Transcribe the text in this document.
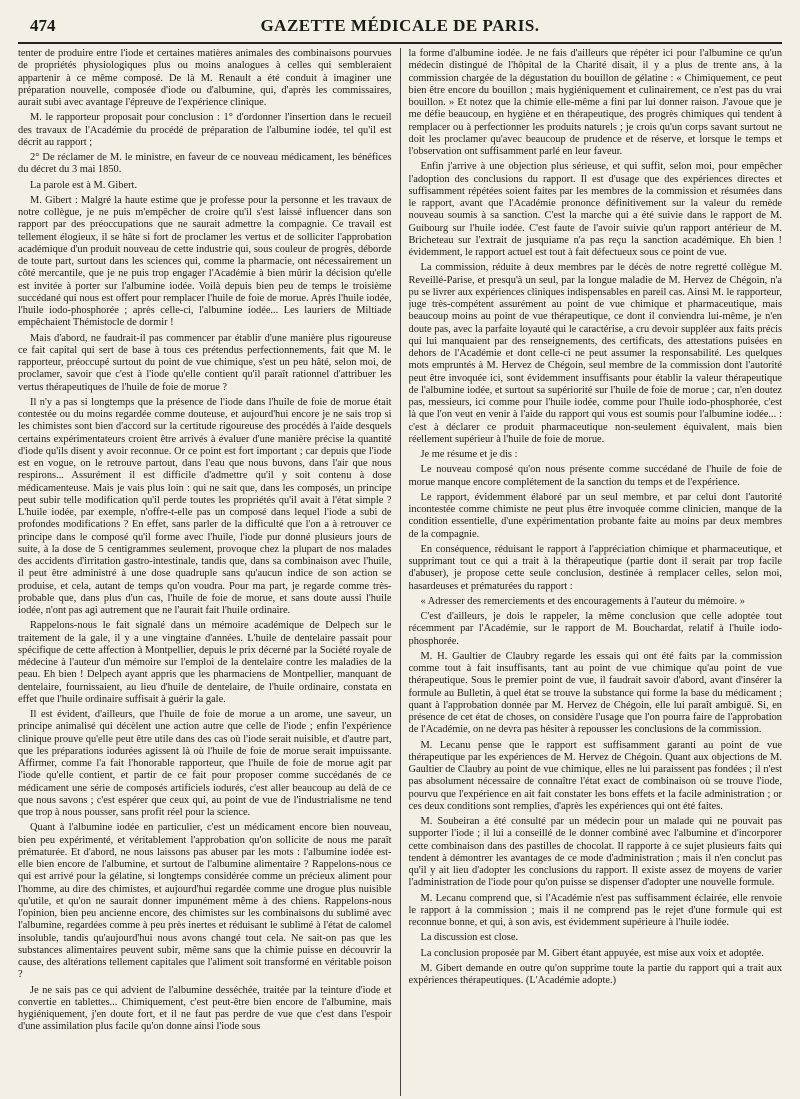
474	GAZETTE MÉDICALE DE PARIS.

tenter de produire entre l'iode et certaines matières animales des combinaisons pourvues de propriétés physiologiques plus ou moins analogues à celles qui sembleraient appartenir à ce même composé. De là M. Renault a été conduit à imaginer une préparation nouvelle, composée d'iode ou d'albumine, qui, d'après les commissaires, aurait subi avec avantage l'épreuve de l'expérience clinique.

M. le rapporteur proposait pour conclusion : 1° d'ordonner l'insertion dans le recueil des travaux de l'Académie du procédé de préparation de l'albumine iodée, tel qu'il est décrit au rapport ;

2° De réclamer de M. le ministre, en faveur de ce nouveau médicament, les bénéfices du décret du 3 mai 1850.

La parole est à M. Gibert.

M. Gibert : Malgré la haute estime que je professe pour la personne et les travaux de notre collègue, je ne puis m'empêcher de croire qu'il s'est laissé influencer dans son rapport par des préoccupations que ne saurait admettre la compagnie. Ce travail est tellement élogieux, il se hâte si fort de proclamer les vertus et de solliciter l'approbation académique d'un produit nouveau de cette industrie qui, sous couleur de progrès, déborde de toute part, surtout dans les sciences qui, comme la pharmacie, ont nécessairement un côté mercantile, que je ne puis trop engager l'Académie à bien mûrir la décision qu'elle est invitée à porter sur l'albumine iodée. Voilà depuis bien peu de temps le troisième succédané qui nous est offert pour remplacer l'huile de foie de morue. Après l'huile iodée, l'huile iodo-phosphorée ; après celle-ci, l'albumine iodée... Les lauriers de Miltiade empêchaient Thémistocle de dormir !

Mais d'abord, ne faudrait-il pas commencer par établir d'une manière plus rigoureuse ce fait capital qui sert de base à tous ces prétendus perfectionnements, fait que M. le rapporteur, préoccupé surtout du point de vue chimique, s'est un peu hâté, selon moi, de proclamer, savoir que c'est à l'iode qu'elle contient qu'il paraît rationnel d'attribuer les vertus thérapeutiques de l'huile de foie de morue ?

Il n'y a pas si longtemps que la présence de l'iode dans l'huile de foie de morue était contestée ou du moins regardée comme douteuse, et aujourd'hui encore je ne sais trop si les chimistes sont bien d'accord sur la certitude rigoureuse des procédés à l'aide desquels certains expérimentateurs croient être arrivés à évaluer d'une manière précise la quantité d'iode qu'ils disent y avoir reconnue. Or ce point est fort important ; car depuis que l'iode est en vogue, on le retrouve partout, dans l'eau que nous buvons, dans l'air que nous respirons... Assurément il est difficile d'admettre qu'il y soit contenu à dose médicamenteuse. Mais je vais plus loin : qui ne sait que, dans les composés, un principe peut subir telle modification qu'il perde toutes les propriétés qu'il avait à l'état simple ? L'huile iodée, par exemple, n'offre-t-elle pas un composé dans lequel l'iode a subi de profondes modifications ? En effet, sans parler de la difficulté que l'on a à retrouver ce principe dans le composé qu'il forme avec l'huile, l'iode pur donné plusieurs jours de suite, à la dose de 5 centigrammes seulement, provoque chez la plupart de nos malades des accidents d'irritation gastro-intestinale, tandis que, dans sa combinaison avec l'huile, il peut être administré à une dose quadruple sans qu'aucun indice de son action se produise, et cela, autant de temps qu'on voudra. Pour ma part, je regarde comme très-probable que, dans plus d'un cas, l'huile de foie de morue, et sans doute aussi l'huile iodée, n'ont pas agi autrement que ne l'aurait fait l'huile ordinaire.

Rappelons-nous le fait signalé dans un mémoire académique de Delpech sur le traitement de la gale, il y a une vingtaine d'années. L'huile de dentelaire passait pour spécifique de cette affection à Montpellier, depuis le prix décerné par la Société royale de médecine à l'auteur d'un mémoire sur l'emploi de la dentelaire contre les maladies de la peau. Eh bien ! Delpech ayant appris que les pharmaciens de Montpellier, manquant de dentelaire, fournissaient, au lieu d'huile de dentelaire, de l'huile ordinaire, constata en effet que l'huile ordinaire suffisait à guérir la gale.

Il est évident, d'ailleurs, que l'huile de foie de morue a un arome, une saveur, un principe animalisé qui décèlent une action autre que celle de l'iode ; enfin l'expérience clinique prouve qu'elle peut être utile dans des cas où l'iode serait nuisible, et d'autre part, que les préparations iodurées agissent là où l'huile de foie de morue serait impuissante. Affirmer, comme l'a fait l'honorable rapporteur, que l'huile de foie de morue agit par l'iode qu'elle contient, et partir de ce fait pour proposer comme succédanés de ce médicament une série de composés artificiels iodurés, c'est aller beaucoup au delà de ce que nous savons ; c'est espérer que ceux qui, au point de vue de l'industrialisme ne tend que trop à nous pousser, sans profit réel pour la science.

Quant à l'albumine iodée en particulier, c'est un médicament encore bien nouveau, bien peu expérimenté, et véritablement l'approbation qu'on sollicite de nous me paraît prématurée. Et d'abord, ne nous laissons pas abuser par les mots : l'albumine iodée est-elle bien encore de l'albumine, et surtout de l'albumine alimentaire ? Rappelons-nous ce qui est arrivé pour la gélatine, si longtemps considérée comme un précieux aliment pour l'homme, au dire des chimistes, et aujourd'hui regardée comme une drogue plus nuisible qu'utile, et qu'on ne saurait donner impunément même à des chiens. Rappelons-nous l'opinion, bien peu ancienne encore, des chimistes sur les combinaisons du sublimé avec l'albumine, regardées comme à peu près inertes et réduisant le sublimé à l'état de calomel insoluble, tandis qu'aujourd'hui nous avons changé tout cela. Ne sait-on pas que les substances alimentaires peuvent subir, même sans que la chimie puisse en découvrir la cause, des altérations tellement capitales que l'aliment soit transformé en véritable poison ?

Je ne sais pas ce qui advient de l'albumine desséchée, traitée par la teinture d'iode et convertie en tablettes... Chimiquement, c'est peut-être bien encore de l'albumine, mais hygiéniquement, j'en doute fort, et il ne faut pas perdre de vue que c'est dans l'espoir d'une assimilation plus facile qu'on donne ainsi l'iode sous

la forme d'albumine iodée. Je ne fais d'ailleurs que répéter ici pour l'albumine ce qu'un médecin distingué de l'hôpital de la Charité disait, il y a plus de trente ans, à la commission chargée de la dégustation du bouillon de gélatine : « Chimiquement, ce peut bien être encore du bouillon ; mais hygiéniquement et culinairement, ce n'est pas du vrai bouillon. » Et notez que la chimie elle-même a fini par lui donner raison. J'avoue que je me défie beaucoup, en hygiène et en thérapeutique, des progrès chimiques qui tendent à remplacer ou à perfectionner les produits naturels ; je crois qu'un corps savant surtout ne doit les proclamer qu'avec beaucoup de prudence et de réserve, et lorsque le temps et l'observation ont suffisamment parlé en leur faveur.

Enfin j'arrive à une objection plus sérieuse, et qui suffit, selon moi, pour empêcher l'adoption des conclusions du rapport. Il est d'usage que des expériences directes et suffisamment répétées soient faites par les membres de la commission et résumées dans le rapport, avant que l'Académie prononce définitivement sur la valeur du remède nouveau soumis à sa sanction. C'est la marche qui a été suivie dans le rapport de M. Guibourg sur l'huile iodée. C'est faute de l'avoir suivie qu'un rapport antérieur de M. Bricheteau sur l'extrait de jusquiame n'a pas reçu la sanction académique. Eh bien ! évidemment, le rapport actuel est tout à fait défectueux sous ce point de vue.

La commission, réduite à deux membres par le décès de notre regretté collègue M. Reveillé-Parise, et presqu'à un seul, par la longue maladie de M. Hervez de Chégoin, n'a pu se livrer aux expériences cliniques indispensables en pareil cas. Ainsi M. le rapporteur, juge très-compétent assurément au point de vue chimique et pharmaceutique, mais beaucoup moins au point de vue thérapeutique, ce dont il conviendra lui-même, je n'en doute pas, avec la parfaite loyauté qui le caractérise, a cru devoir suppléer aux faits précis qui lui manquaient par des renseignements, des certificats, des attestations puisées en dehors de l'Académie et dont celle-ci ne peut assumer la responsabilité. Les quelques mots empruntés à M. Hervez de Chégoin, seul membre de la commission dont l'autorité peut être invoquée ici, sont évidemment insuffisants pour établir la valeur thérapeutique de l'albumine iodée, et surtout sa supériorité sur l'huile de foie de morue ; car, n'en doutez pas, messieurs, ici comme pour l'huile iodée, comme pour l'huile iodo-phosphorée, c'est là que l'on veut en venir à l'aide du rapport qui vous est soumis pour l'albumine iodée... : c'est à déclarer ce produit pharmaceutique non-seulement équivalent, mais bien réellement supérieur à l'huile de foie de morue.

Je me résume et je dis :

Le nouveau composé qu'on nous présente comme succédané de l'huile de foie de morue manque encore complétement de la sanction du temps et de l'expérience.

Le rapport, évidemment élaboré par un seul membre, et par celui dont l'autorité incontestée comme chimiste ne peut plus être invoquée comme clinicien, manque de la condition essentielle, d'une expérimentation probante faite au moins par deux membres de la compagnie.

En conséquence, réduisant le rapport à l'appréciation chimique et pharmaceutique, et supprimant tout ce qui a trait à la thérapeutique (partie dont il serait par trop facile d'abuser), je propose cette seule conclusion, destinée à remplacer celles, selon moi, hasardeuses et prématurées du rapport :

« Adresser des remerciements et des encouragements à l'auteur du mémoire. »

C'est d'ailleurs, je dois le rappeler, la même conclusion que celle adoptée tout récemment par l'Académie, sur le rapport de M. Bouchardat, relatif à l'huile iodo-phosphorée.

M. H. Gaultier de Claubry regarde les essais qui ont été faits par la commission comme tout à fait insuffisants, tant au point de vue chimique qu'au point de vue thérapeutique. Sous le premier point de vue, il faudrait savoir d'abord, avant d'insérer la formule au Bulletin, à quel état se trouve la substance qui forme la base du médicament ; quant à l'approbation donnée par M. Hervez de Chégoin, elle lui paraît ambiguë. Si, en présence de cet état de choses, on considère l'usage que l'on pourra faire de l'approbation de l'Académie, on ne devra pas hésiter à repousser les conclusions de la commission.

M. Lecanu pense que le rapport est suffisamment garanti au point de vue thérapeutique par les expériences de M. Hervez de Chégoin. Quant aux objections de M. Gaultier de Claubry au point de vue chimique, elles ne lui paraissent pas fondées ; il n'est pas absolument nécessaire de connaître l'état exact de combinaison où se trouve l'iode, pourvu que l'expérience en ait fait constater les bons effets et la facile administration ; or ces deux conditions sont remplies, d'après les expériences qui ont été faites.

M. Soubeiran a été consulté par un médecin pour un malade qui ne pouvait pas supporter l'iode ; il lui a conseillé de le donner combiné avec l'albumine et d'incorporer cette combinaison dans des pastilles de chocolat. Il rapporte à ce sujet plusieurs faits qui tendent à démontrer les avantages de ce mode d'administration ; mais il n'en conclut pas qu'il y ait lieu d'adopter les conclusions du rapport. Il existe assez de moyens de varier l'administration de l'iode pour qu'on puisse se dispenser d'adopter une nouvelle formule.

M. Lecanu comprend que, si l'Académie n'est pas suffisamment éclairée, elle renvoie le rapport à la commission ; mais il ne comprend pas le rejet d'une formule qui est reconnue bonne, et qui, à son avis, est évidemment supérieure à l'huile iodée.

La discussion est close.

La conclusion proposée par M. Gibert étant appuyée, est mise aux voix et adoptée.

M. Gibert demande en outre qu'on supprime toute la partie du rapport qui a trait aux expériences thérapeutiques. (L'Académie adopte.)
